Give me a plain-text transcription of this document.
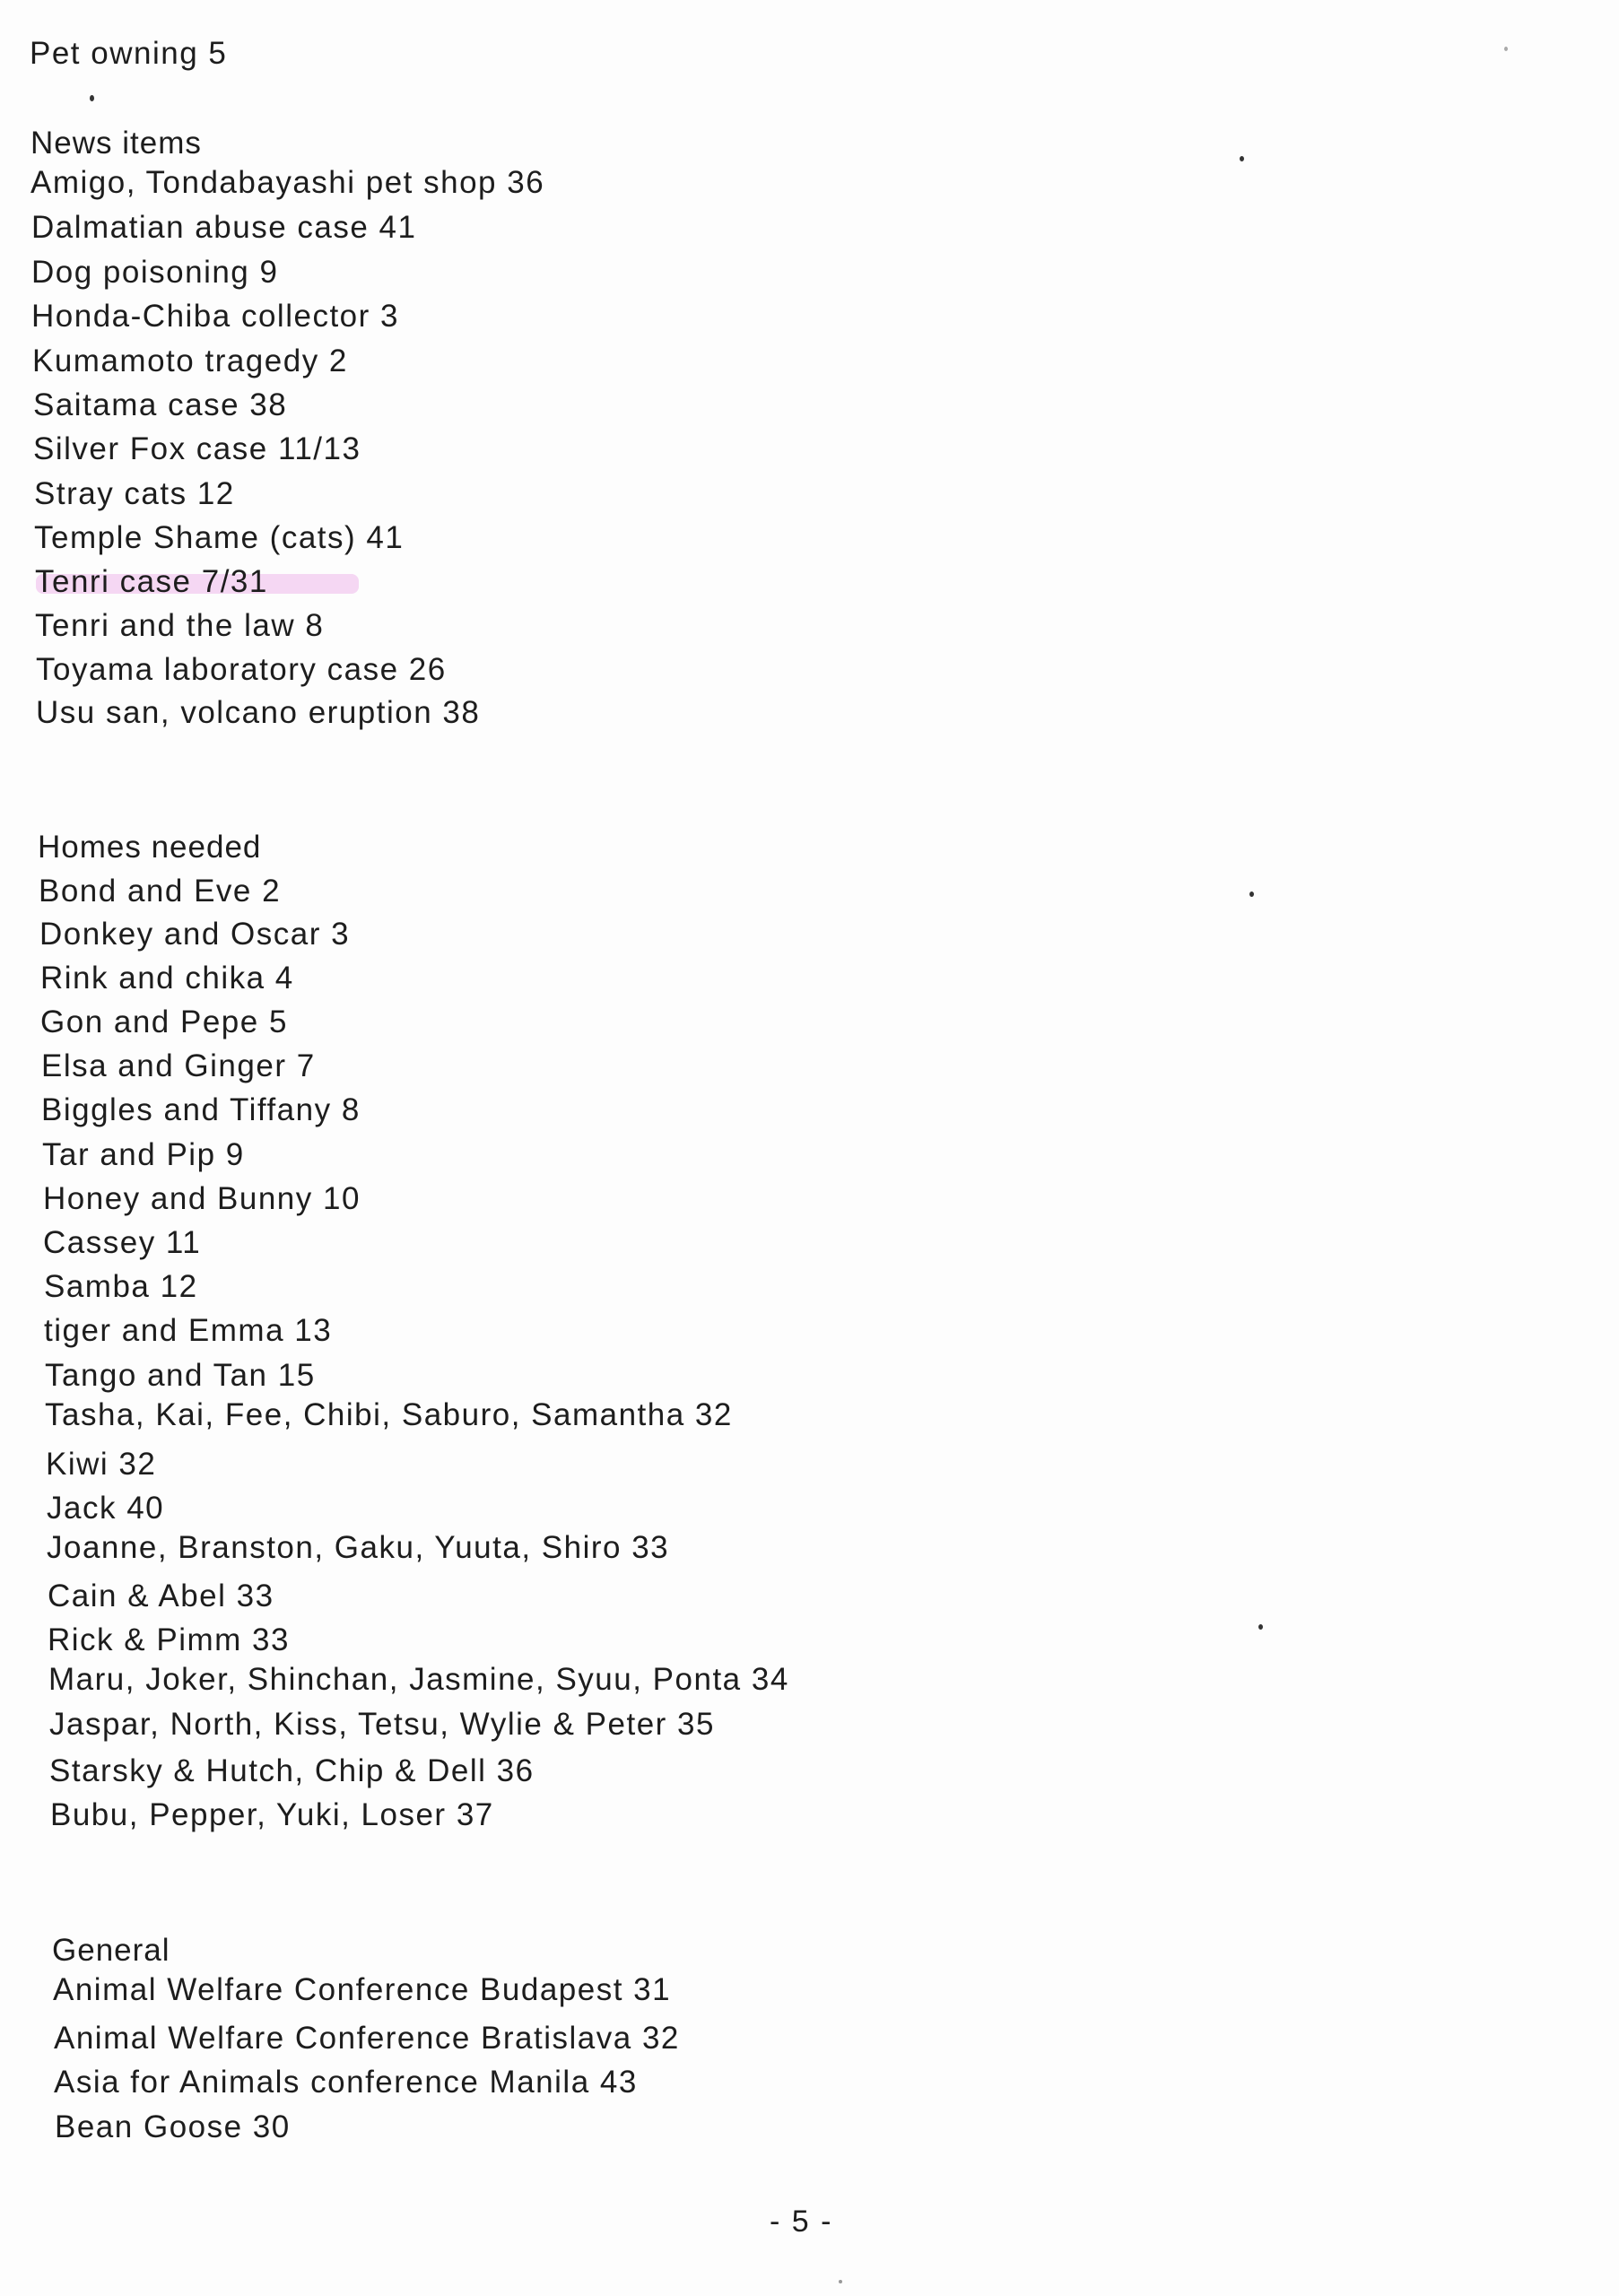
Pet owning 5
News items
Amigo, Tondabayashi pet shop 36
Dalmatian abuse case 41
Dog poisoning 9
Honda-Chiba collector 3
Kumamoto tragedy 2
Saitama case 38
Silver Fox case 11/13
Stray cats 12
Temple Shame (cats) 41
Tenri case 7/31
Tenri and the law 8
Toyama laboratory case 26
Usu san, volcano eruption 38
Homes needed
Bond and Eve 2
Donkey and Oscar 3
Rink and chika 4
Gon and Pepe 5
Elsa and Ginger 7
Biggles and Tiffany 8
Tar and Pip 9
Honey and Bunny 10
Cassey 11
Samba 12
tiger and Emma 13
Tango and Tan 15
Tasha, Kai, Fee, Chibi, Saburo, Samantha 32
Kiwi 32
Jack 40
Joanne, Branston, Gaku, Yuuta, Shiro 33
Cain & Abel 33
Rick & Pimm 33
Maru, Joker, Shinchan, Jasmine, Syuu, Ponta 34
Jaspar, North, Kiss, Tetsu, Wylie & Peter 35
Starsky & Hutch, Chip & Dell 36
Bubu, Pepper, Yuki, Loser 37
General
Animal Welfare Conference Budapest 31
Animal Welfare Conference Bratislava 32
Asia for Animals conference Manila 43
Bean Goose 30
- 5 -
